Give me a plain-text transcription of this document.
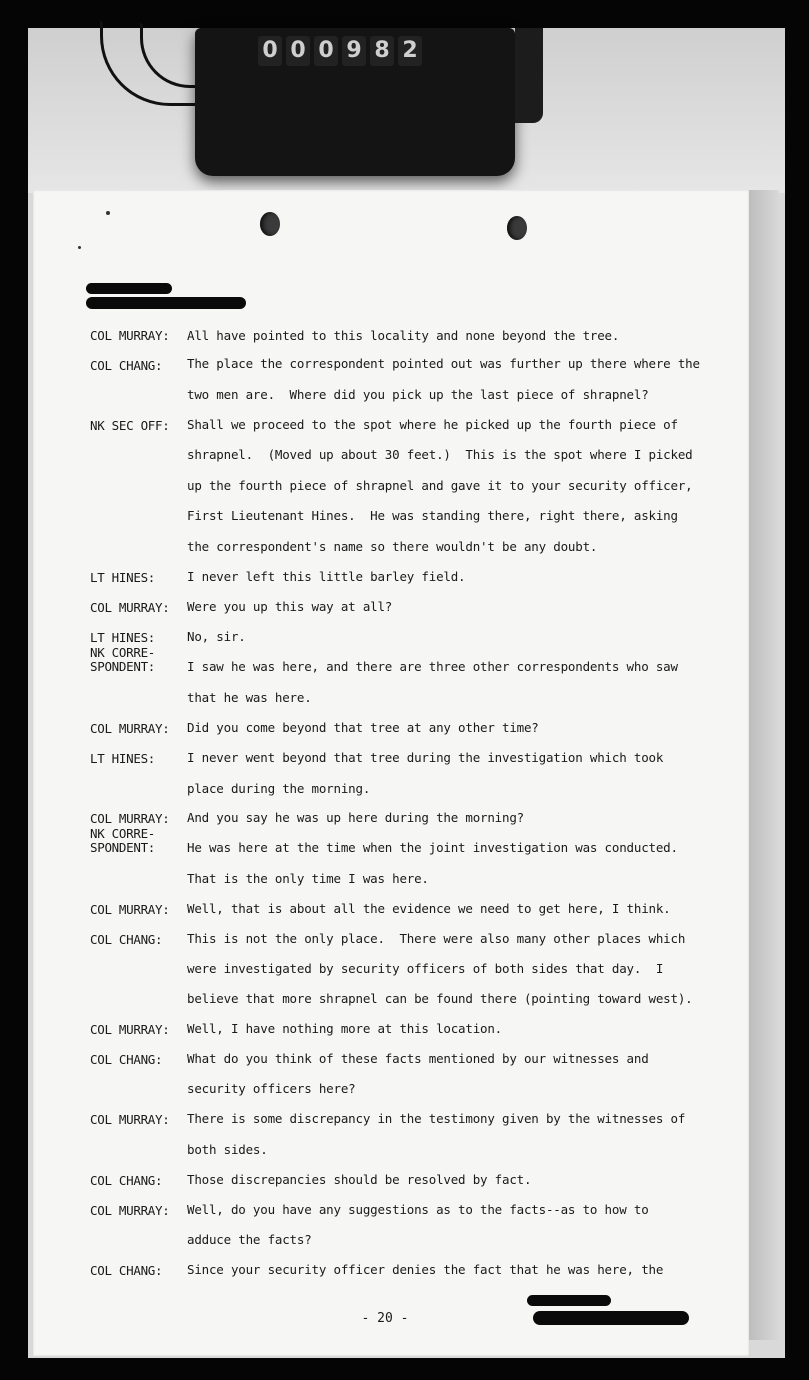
0 0 0 9 8 2
COL MURRAY: All have pointed to this locality and none beyond the tree.
COL CHANG: The place the correspondent pointed out was further up there where the
two men are.  Where did you pick up the last piece of shrapnel?
NK SEC OFF: Shall we proceed to the spot where he picked up the fourth piece of
shrapnel.  (Moved up about 30 feet.)  This is the spot where I picked
up the fourth piece of shrapnel and gave it to your security officer,
First Lieutenant Hines.  He was standing there, right there, asking
the correspondent's name so there wouldn't be any doubt.
LT HINES:	I never left this little barley field.
COL MURRAY: Were you up this way at all?
LT HINES:	No, sir.
NK CORRE-
SPONDENT:	I saw he was here, and there are three other correspondents who saw
that he was here.
COL MURRAY: Did you come beyond that tree at any other time?
LT HINES:	I never went beyond that tree during the investigation which took
place during the morning.
COL MURRAY: And you say he was up here during the morning?
NK CORRE-
SPONDENT:	He was here at the time when the joint investigation was conducted.
That is the only time I was here.
COL MURRAY: Well, that is about all the evidence we need to get here, I think.
COL CHANG: This is not the only place.  There were also many other places which
were investigated by security officers of both sides that day.  I
believe that more shrapnel can be found there (pointing toward west).
COL MURRAY: Well, I have nothing more at this location.
COL CHANG: What do you think of these facts mentioned by our witnesses and
security officers here?
COL MURRAY: There is some discrepancy in the testimony given by the witnesses of
both sides.
COL CHANG: Those discrepancies should be resolved by fact.
COL MURRAY: Well, do you have any suggestions as to the facts--as to how to
adduce the facts?
COL CHANG: Since your security officer denies the fact that he was here, the
- 20 -
